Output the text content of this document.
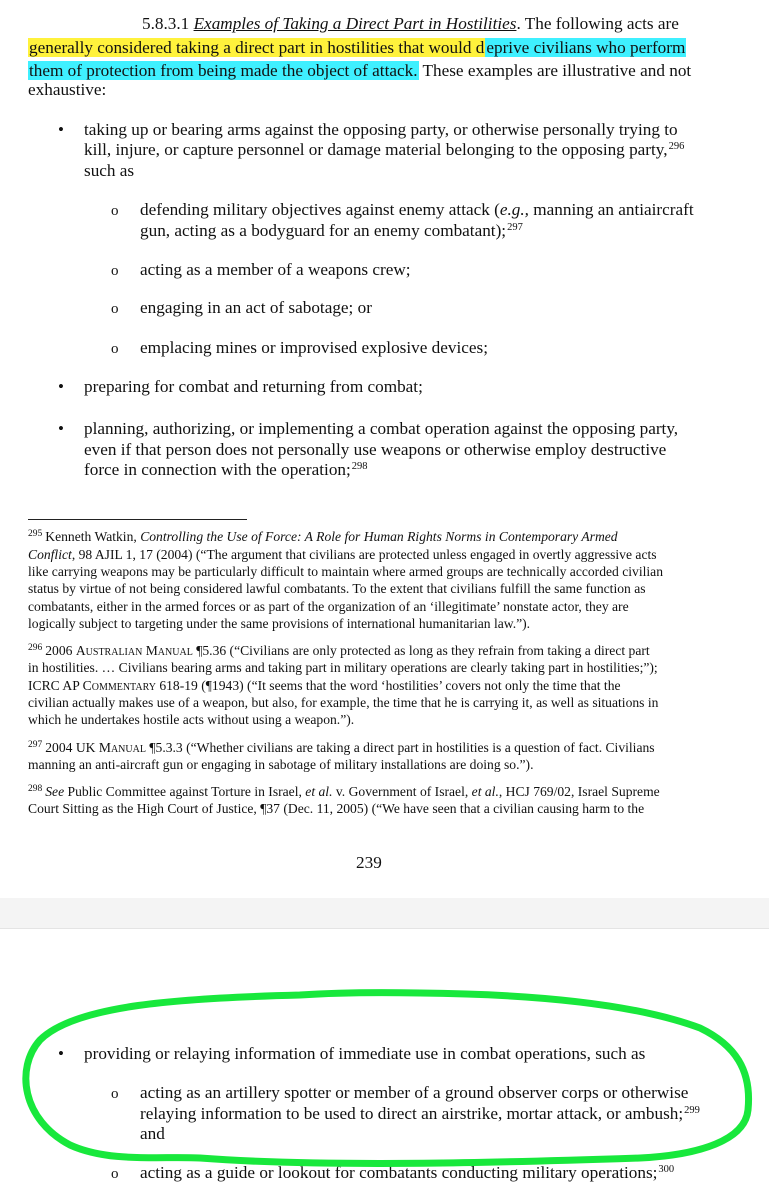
5.8.3.1 Examples of Taking a Direct Part in Hostilities. The following acts are
generally considered taking a direct part in hostilities that would d eprive civilians who perform
them of protection from being made the object of attack. These examples are illustrative and not
exhaustive:
• taking up or bearing arms against the opposing party, or otherwise personally trying to
kill, injure, or capture personnel or damage material belonging to the opposing party,$^{296}$
such as
o defending military objectives against enemy attack (e.g., manning an antiaircraft
gun, acting as a bodyguard for an enemy combatant);$^{297}$
o acting as a member of a weapons crew;
o engaging in an act of sabotage; or
o emplacing mines or improvised explosive devices;
• preparing for combat and returning from combat;
• planning, authorizing, or implementing a combat operation against the opposing party,
even if that person does not personally use weapons or otherwise employ destructive
force in connection with the operation;$^{298}$
$^{295}$ Kenneth Watkin, Controlling the Use of Force: A Role for Human Rights Norms in Contemporary Armed
Conflict, 98 AJIL 1, 17 (2004) (“The argument that civilians are protected unless engaged in overtly aggressive acts
like carrying weapons may be particularly difficult to maintain where armed groups are technically accorded civilian
status by virtue of not being considered lawful combatants. To the extent that civilians fulfill the same function as
combatants, either in the armed forces or as part of the organization of an ‘illegitimate’ nonstate actor, they are
logically subject to targeting under the same provisions of international humanitarian law.”).
$^{296}$ 2006 Australian Manual ¶5.36 (“Civilians are only protected as long as they refrain from taking a direct part
in hostilities. … Civilians bearing arms and taking part in military operations are clearly taking part in hostilities;”);
ICRC AP Commentary 618-19 (¶1943) (“It seems that the word ‘hostilities’ covers not only the time that the
civilian actually makes use of a weapon, but also, for example, the time that he is carrying it, as well as situations in
which he undertakes hostile acts without using a weapon.”).
$^{297}$ 2004 UK Manual ¶5.3.3 (“Whether civilians are taking a direct part in hostilities is a question of fact. Civilians
manning an anti-aircraft gun or engaging in sabotage of military installations are doing so.”).
$^{298}$ See Public Committee against Torture in Israel, et al. v. Government of Israel, et al., HCJ 769/02, Israel Supreme
Court Sitting as the High Court of Justice, ¶37 (Dec. 11, 2005) (“We have seen that a civilian causing harm to the
239
• providing or relaying information of immediate use in combat operations, such as
o acting as an artillery spotter or member of a ground observer corps or otherwise
relaying information to be used to direct an airstrike, mortar attack, or ambush;$^{299}$
and
o acting as a guide or lookout for combatants conducting military operations;$^{300}$
